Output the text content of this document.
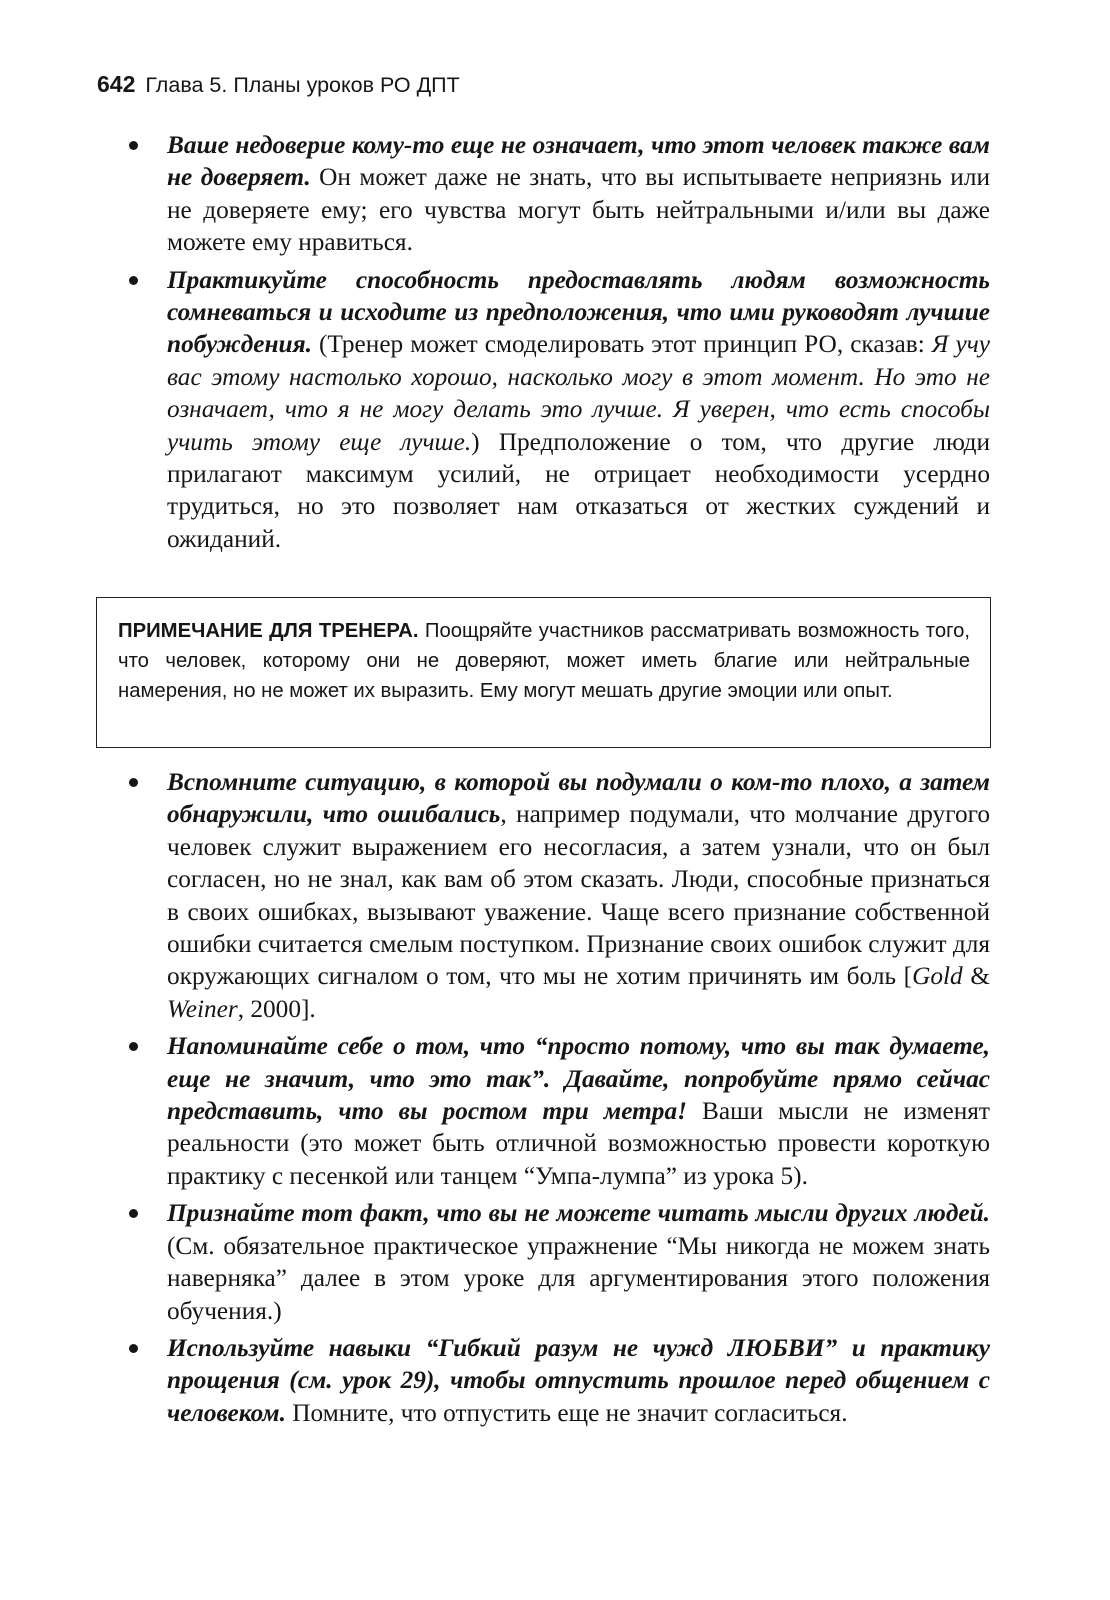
642 Глава 5. Планы уроков РО ДПТ
Ваше недоверие кому-то еще не означает, что этот человек также вам не доверяет. Он может даже не знать, что вы испытываете неприязнь или не доверяете ему; его чувства могут быть нейтральными и/или вы даже можете ему нравиться.
Практикуйте способность предоставлять людям возможность сомневаться и исходите из предположения, что ими руководят лучшие побуждения. (Тренер может смоделировать этот принцип РО, сказав: Я учу вас этому настолько хорошо, насколько могу в этот момент. Но это не означает, что я не могу делать это лучше. Я уверен, что есть способы учить этому еще лучше.) Предположение о том, что другие люди прилагают максимум усилий, не отрицает необходимости усердно трудиться, но это позволяет нам отказаться от жестких суждений и ожиданий.
ПРИМЕЧАНИЕ ДЛЯ ТРЕНЕРА. Поощряйте участников рассматривать возможность того, что человек, которому они не доверяют, может иметь благие или нейтральные намерения, но не может их выразить. Ему могут мешать другие эмоции или опыт.
Вспомните ситуацию, в которой вы подумали о ком-то плохо, а затем обнаружили, что ошибались, например подумали, что молчание другого человек служит выражением его несогласия, а затем узнали, что он был согласен, но не знал, как вам об этом сказать. Люди, способные признаться в своих ошибках, вызывают уважение. Чаще всего признание собственной ошибки считается смелым поступком. Признание своих ошибок служит для окружающих сигналом о том, что мы не хотим причинять им боль [Gold & Weiner, 2000].
Напоминайте себе о том, что “просто потому, что вы так думаете, еще не значит, что это так”. Давайте, попробуйте прямо сейчас представить, что вы ростом три метра! Ваши мысли не изменят реальности (это может быть отличной возможностью провести короткую практику с песенкой или танцем “Умпа-лумпа” из урока 5).
Признайте тот факт, что вы не можете читать мысли других людей. (См. обязательное практическое упражнение “Мы никогда не можем знать наверняка” далее в этом уроке для аргументирования этого положения обучения.)
Используйте навыки “Гибкий разум не чужд ЛЮБВИ” и практику прощения (см. урок 29), чтобы отпустить прошлое перед общением с человеком. Помните, что отпустить еще не значит согласиться.
